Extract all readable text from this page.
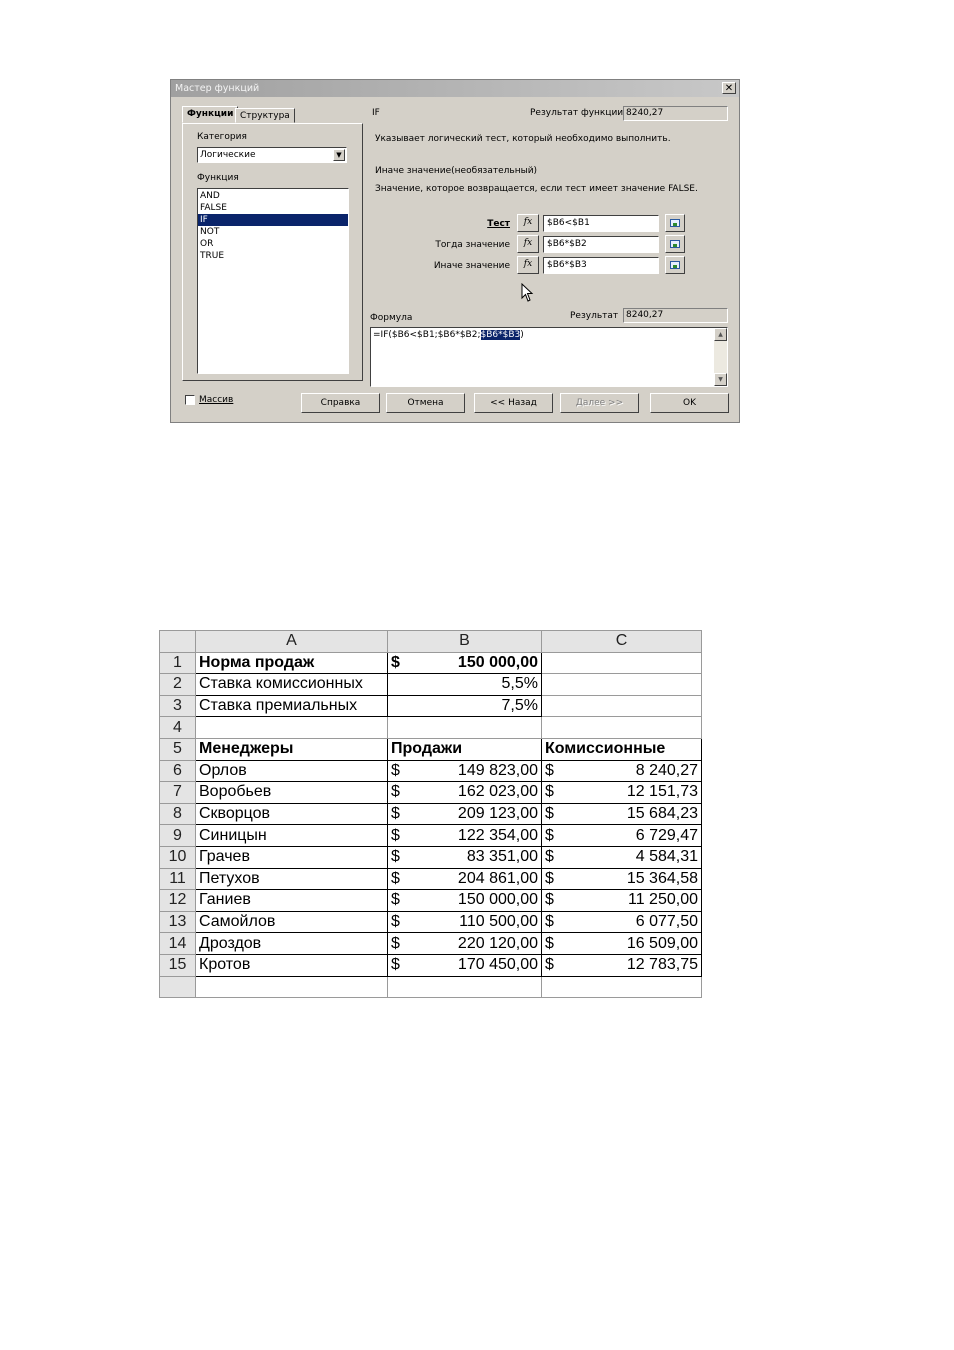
Мастер функций	✕
Функции Структура
Категория
Логические	▼
Функция
AND
FALSE
IF
NOT
OR
TRUE
IF	Результат функции 8240,27
Указывает логический тест, который необходимо выполнить.
Иначе значение(необязательный)
Значение, которое возвращается, если тест имеет значение FALSE.
Тест	fx	$B6<$B1
Тогда значение	fx	$B6*$B2
Иначе значение	fx	$B6*$B3
Формула	Результат 8240,27
=IF($B6<$B1;$B6*$B2;$B6*$B3)	▲
▼
Массив	Справка	Отмена	<< Назад	Далее >>	OK
	A	B	C
1	Норма продаж	$ 150 000,00	

2	Ставка комиссионных	5,5%	

3	Ставка премиальных	7,5%	

4		

5	Менеджеры	Продажи	Комиссионные
6	Орлов	$ 149 823,00	$ 8 240,27

7	Воробьев	$ 162 023,00	$ 12 151,73

8	Скворцов	$ 209 123,00	$ 15 684,23

9	Синицын	$ 122 354,00	$ 6 729,47

10	Грачев	$ 83 351,00	$ 4 584,31

11	Петухов	$ 204 861,00	$ 15 364,58

12	Ганиев	$ 150 000,00	$ 11 250,00

13	Самойлов	$ 110 500,00	$ 6 077,50

14	Дроздов	$ 220 120,00	$ 16 509,00

15	Кротов	$ 170 450,00	$ 12 783,75
